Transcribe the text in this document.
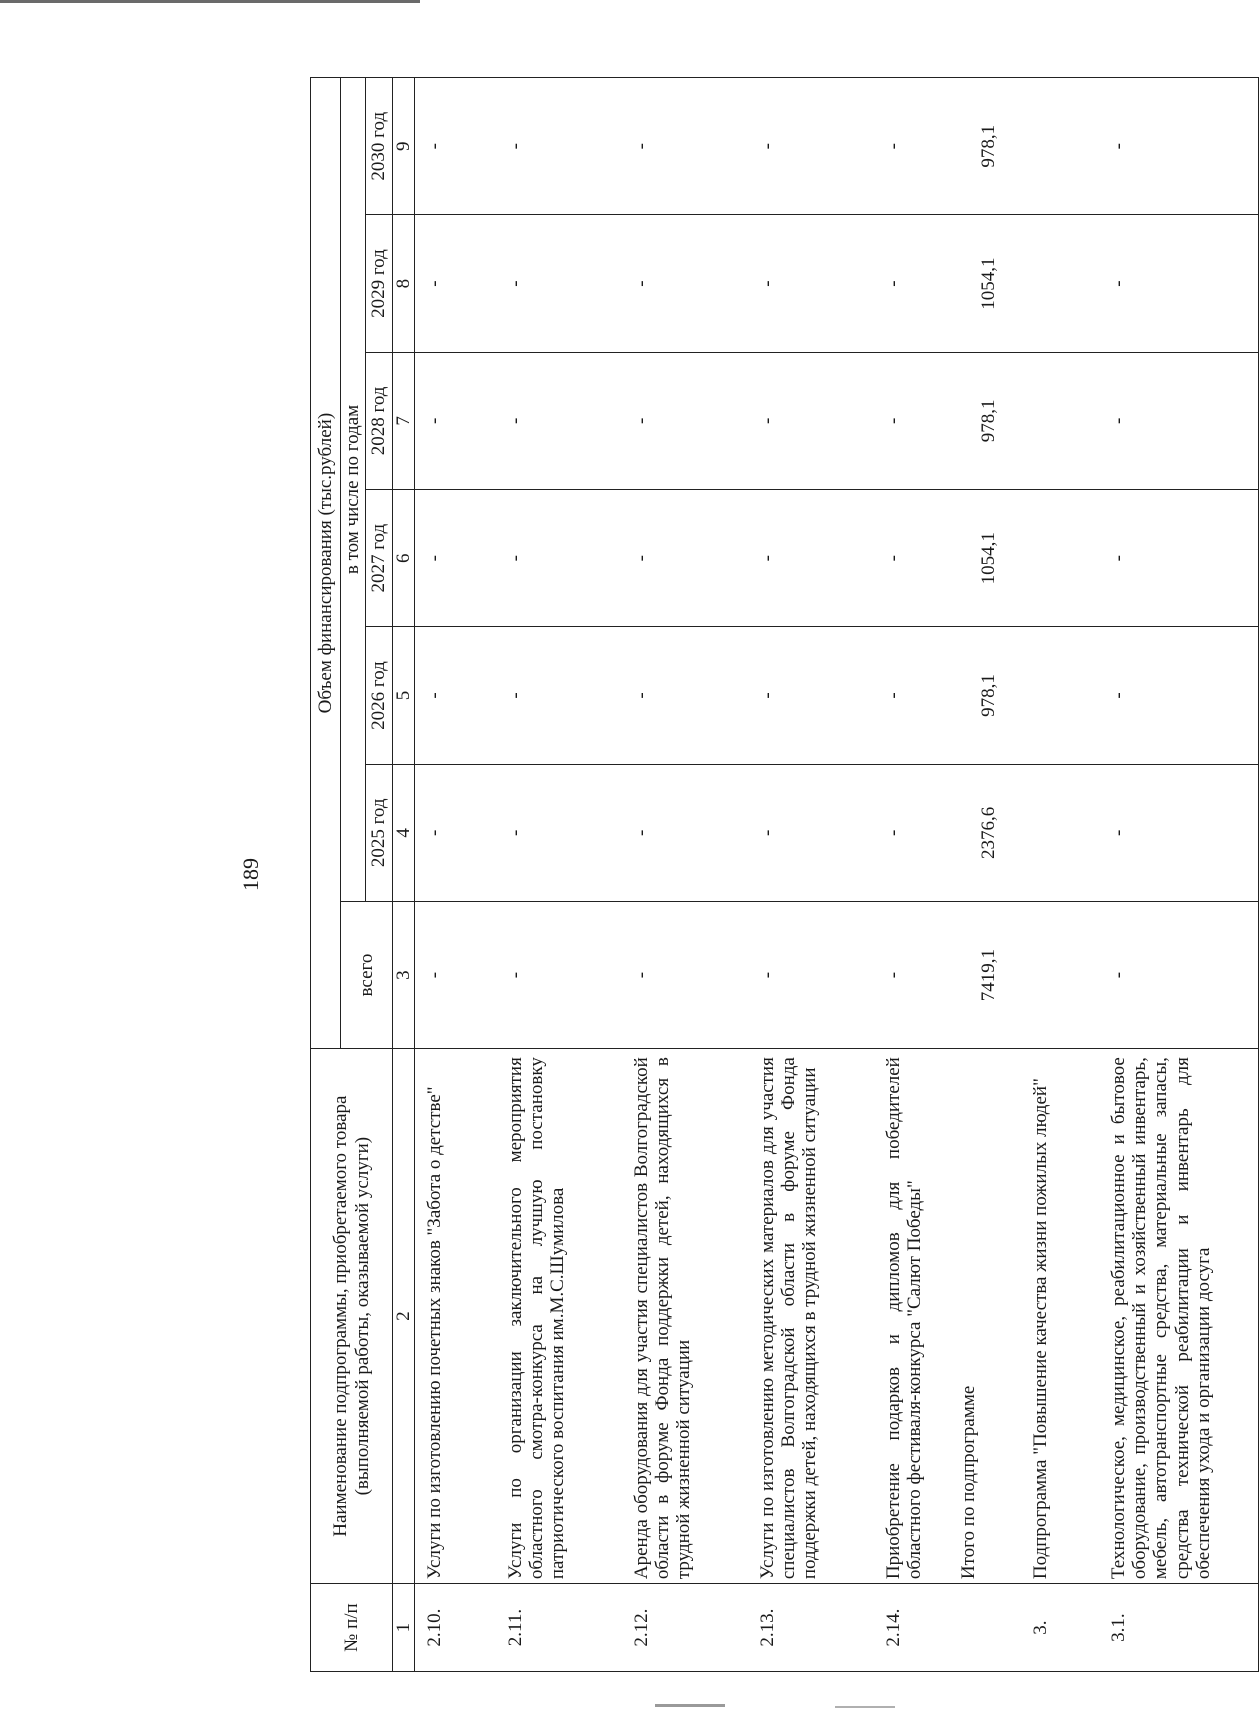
189
№ п/п	Наименование подпрограммы, приобретаемого товара (выполняемой работы, оказываемой услуги)	Объем финансирования (тыс.рублей)						
		всего	в том числе по годам					
			2025 год	2026 год	2027 год	2028 год	2029 год	2030 год
1	2	3	4	5	6	7	8	9
2.10.	Услуги по изготовлению почетных знаков "Забота о детстве"	-	-	-	-	-	-	-
2.11.	Услуги по организации заключительного мероприятия областного смотра-конкурса на лучшую постановку патриотического воспитания им.М.С.Шумилова	-	-	-	-	-	-	-
2.12.	Аренда оборудования для участия специалистов Волгоградской области в форуме Фонда поддержки детей, находящихся в трудной жизненной ситуации	-	-	-	-	-	-	-
2.13.	Услуги по изготовлению методических материалов для участия специалистов Волгоградской области в форуме Фонда поддержки детей, находящихся в трудной жизненной ситуации	-	-	-	-	-	-	-
2.14.	Приобретение подарков и дипломов для победителей областного фестиваля-конкурса "Салют Победы"	-	-	-	-	-	-	-
	Итого по подпрограмме	7419,1	2376,6	978,1	1054,1	978,1	1054,1	978,1
3.	Подпрограмма "Повышение качества жизни пожилых людей"							
3.1.	Технологическое, медицинское, реабилитационное и бытовое оборудование, производственный и хозяйственный инвентарь, мебель, автотранспортные средства, материальные запасы, средства технической реабилитации и инвентарь для обеспечения ухода и организации досуга	-	-	-	-	-	-	-
